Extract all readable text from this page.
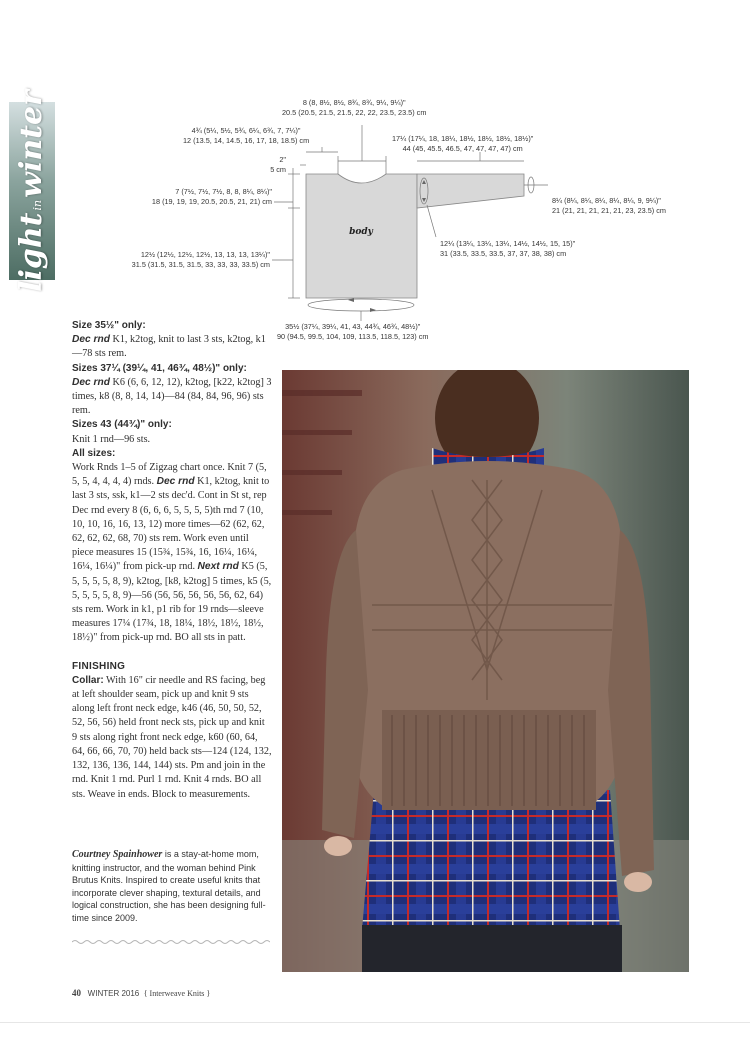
lightinwinter
body
8 (8, 8½, 8½, 8¾, 8¾, 9¼, 9¼)"
20.5 (20.5, 21.5, 21.5, 22, 22, 23.5, 23.5) cm
4¾ (5¼, 5½, 5¾, 6¼, 6¾, 7, 7¼)"
12 (13.5, 14, 14.5, 16, 17, 18, 18.5) cm	17¼ (17¼, 18, 18¼, 18½, 18½, 18½, 18½)"
44 (45, 45.5, 46.5, 47, 47, 47, 47) cm
2"
5 cm
7 (7½, 7½, 7½, 8, 8, 8¼, 8¼)"
18 (19, 19, 19, 20.5, 20.5, 21, 21) cm	8¼ (8¼, 8¼, 8¼, 8¼, 8¼, 9, 9¼)"
21 (21, 21, 21, 21, 21, 23, 23.5) cm
12¼ (13¼, 13¼, 13¼, 14½, 14½, 15, 15)"
31 (33.5, 33.5, 33.5, 37, 37, 38, 38) cm
12½ (12½, 12½, 12½, 13, 13, 13, 13¼)"
31.5 (31.5, 31.5, 31.5, 33, 33, 33, 33.5) cm
35½ (37¼, 39¼, 41, 43, 44¾, 46¾, 48½)"
90 (94.5, 99.5, 104, 109, 113.5, 118.5, 123) cm

Size 35½" only:

Dec rnd K1, k2tog, knit to last 3 sts, k2tog, k1—78 sts rem.

Sizes 37¼ (39¼, 41, 46¾, 48½)" only:

Dec rnd K6 (6, 6, 12, 12), k2tog, [k22, k2tog] 3 times, k8 (8, 8, 14, 14)—84 (84, 84, 96, 96) sts rem.

Sizes 43 (44¾)" only:

Knit 1 rnd—96 sts.

All sizes:

Work Rnds 1–5 of Zigzag chart once. Knit 7 (5, 5, 5, 4, 4, 4, 4) rnds. Dec rnd K1, k2tog, knit to last 3 sts, ssk, k1—2 sts dec'd. Cont in St st, rep Dec rnd every 8 (6, 6, 6, 5, 5, 5, 5)th rnd 7 (10, 10, 10, 16, 16, 13, 12) more times—62 (62, 62, 62, 62, 62, 68, 70) sts rem. Work even until piece measures 15 (15¾, 15¾, 16, 16¼, 16¼, 16¼, 16¼)" from pick-up rnd. Next rnd K5 (5, 5, 5, 5, 5, 8, 9), k2tog, [k8, k2tog] 5 times, k5 (5, 5, 5, 5, 5, 8, 9)—56 (56, 56, 56, 56, 56, 62, 64) sts rem. Work in k1, p1 rib for 19 rnds—sleeve measures 17¼ (17¾, 18, 18¼, 18½, 18½, 18½, 18½)" from pick-up rnd. BO all sts in patt.

FINISHING

Collar: With 16" cir needle and RS facing, beg at left shoulder seam, pick up and knit 9 sts along left front neck edge, k46 (46, 50, 50, 52, 52, 56, 56) held front neck sts, pick up and knit 9 sts along right front neck edge, k60 (60, 64, 64, 66, 66, 70, 70) held back sts—124 (124, 132, 132, 136, 136, 144, 144) sts. Pm and join in the rnd. Knit 1 rnd. Purl 1 rnd. Knit 4 rnds. BO all sts. Weave in ends. Block to measurements.

Courtney Spainhower is a stay-at-home mom, knitting instructor, and the woman behind Pink Brutus Knits. Inspired to create useful knits that incorporate clever shaping, textural details, and logical construction, she has been designing full-time since 2009.
40 WINTER 2016 { Interweave Knits }
